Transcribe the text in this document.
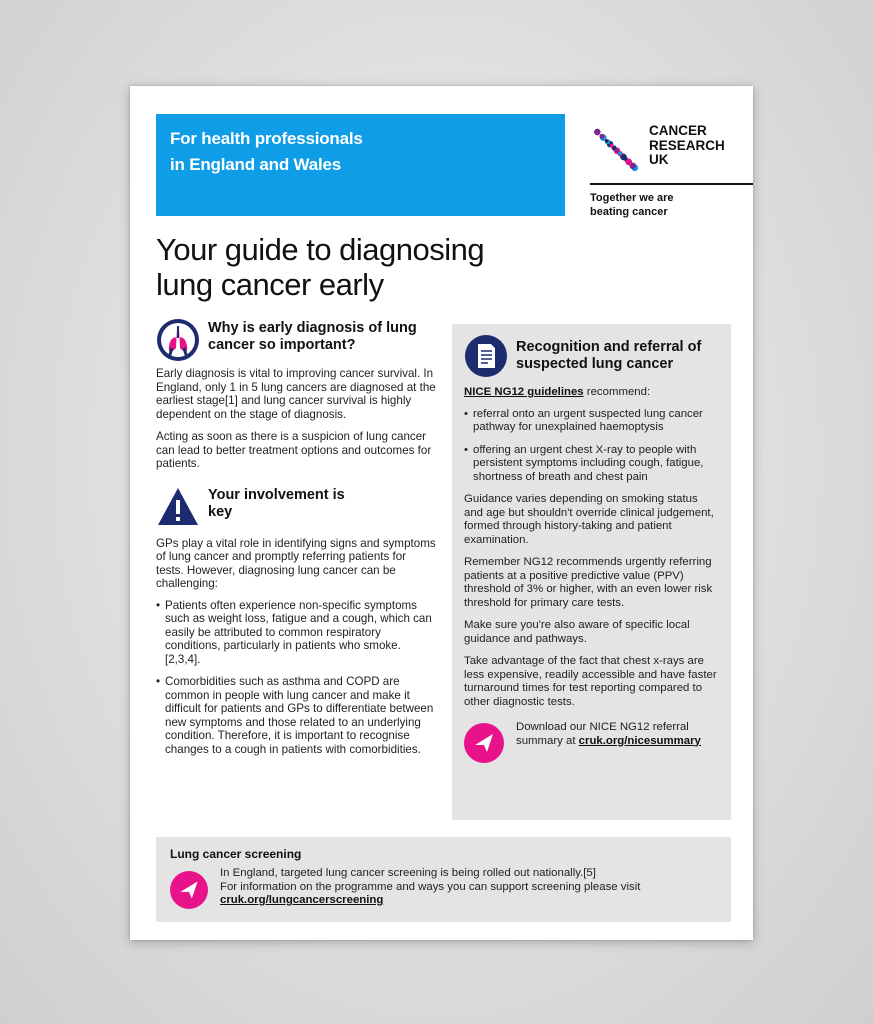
For health professionals
in England and Wales
CANCER
RESEARCH
UK
Together we are beating cancer
Your guide to diagnosing
lung cancer early
Why is early diagnosis of lung cancer so important?

Early diagnosis is vital to improving cancer survival. In England, only 1 in 5 lung cancers are diagnosed at the earliest stage[1] and lung cancer survival is highly dependent on the stage of diagnosis.

Acting as soon as there is a suspicion of lung cancer can lead to better treatment options and outcomes for patients.

Your involvement is key

GPs play a vital role in identifying signs and symptoms of lung cancer and promptly referring patients for tests. However, diagnosing lung cancer can be challenging:

• Patients often experience non-specific symptoms such as weight loss, fatigue and a cough, which can easily be attributed to common respiratory conditions, particularly in patients who smoke.[2,3,4].
• Comorbidities such as asthma and COPD are common in people with lung cancer and make it difficult for patients and GPs to differentiate between new symptoms and those related to an underlying condition. Therefore, it is important to recognise changes to a cough in patients with comorbidities.
Recognition and referral of suspected lung cancer

NICE NG12 guidelines recommend:

• referral onto an urgent suspected lung cancer pathway for unexplained haemoptysis
• offering an urgent chest X-ray to people with persistent symptoms including cough, fatigue, shortness of breath and chest pain

Guidance varies depending on smoking status and age but shouldn't override clinical judgement, formed through history-taking and patient examination.

Remember NG12 recommends urgently referring patients at a positive predictive value (PPV) threshold of 3% or higher, with an even lower risk threshold for primary care tests.

Make sure you're also aware of specific local guidance and pathways.

Take advantage of the fact that chest x-rays are less expensive, readily accessible and have faster turnaround times for test reporting compared to other diagnostic tests.

Download our NICE NG12 referral summary at cruk.org/nicesummary

Lung cancer screening
In England, targeted lung cancer screening is being rolled out nationally.[5]
For information on the programme and ways you can support screening please visit
cruk.org/lungcancerscreening
